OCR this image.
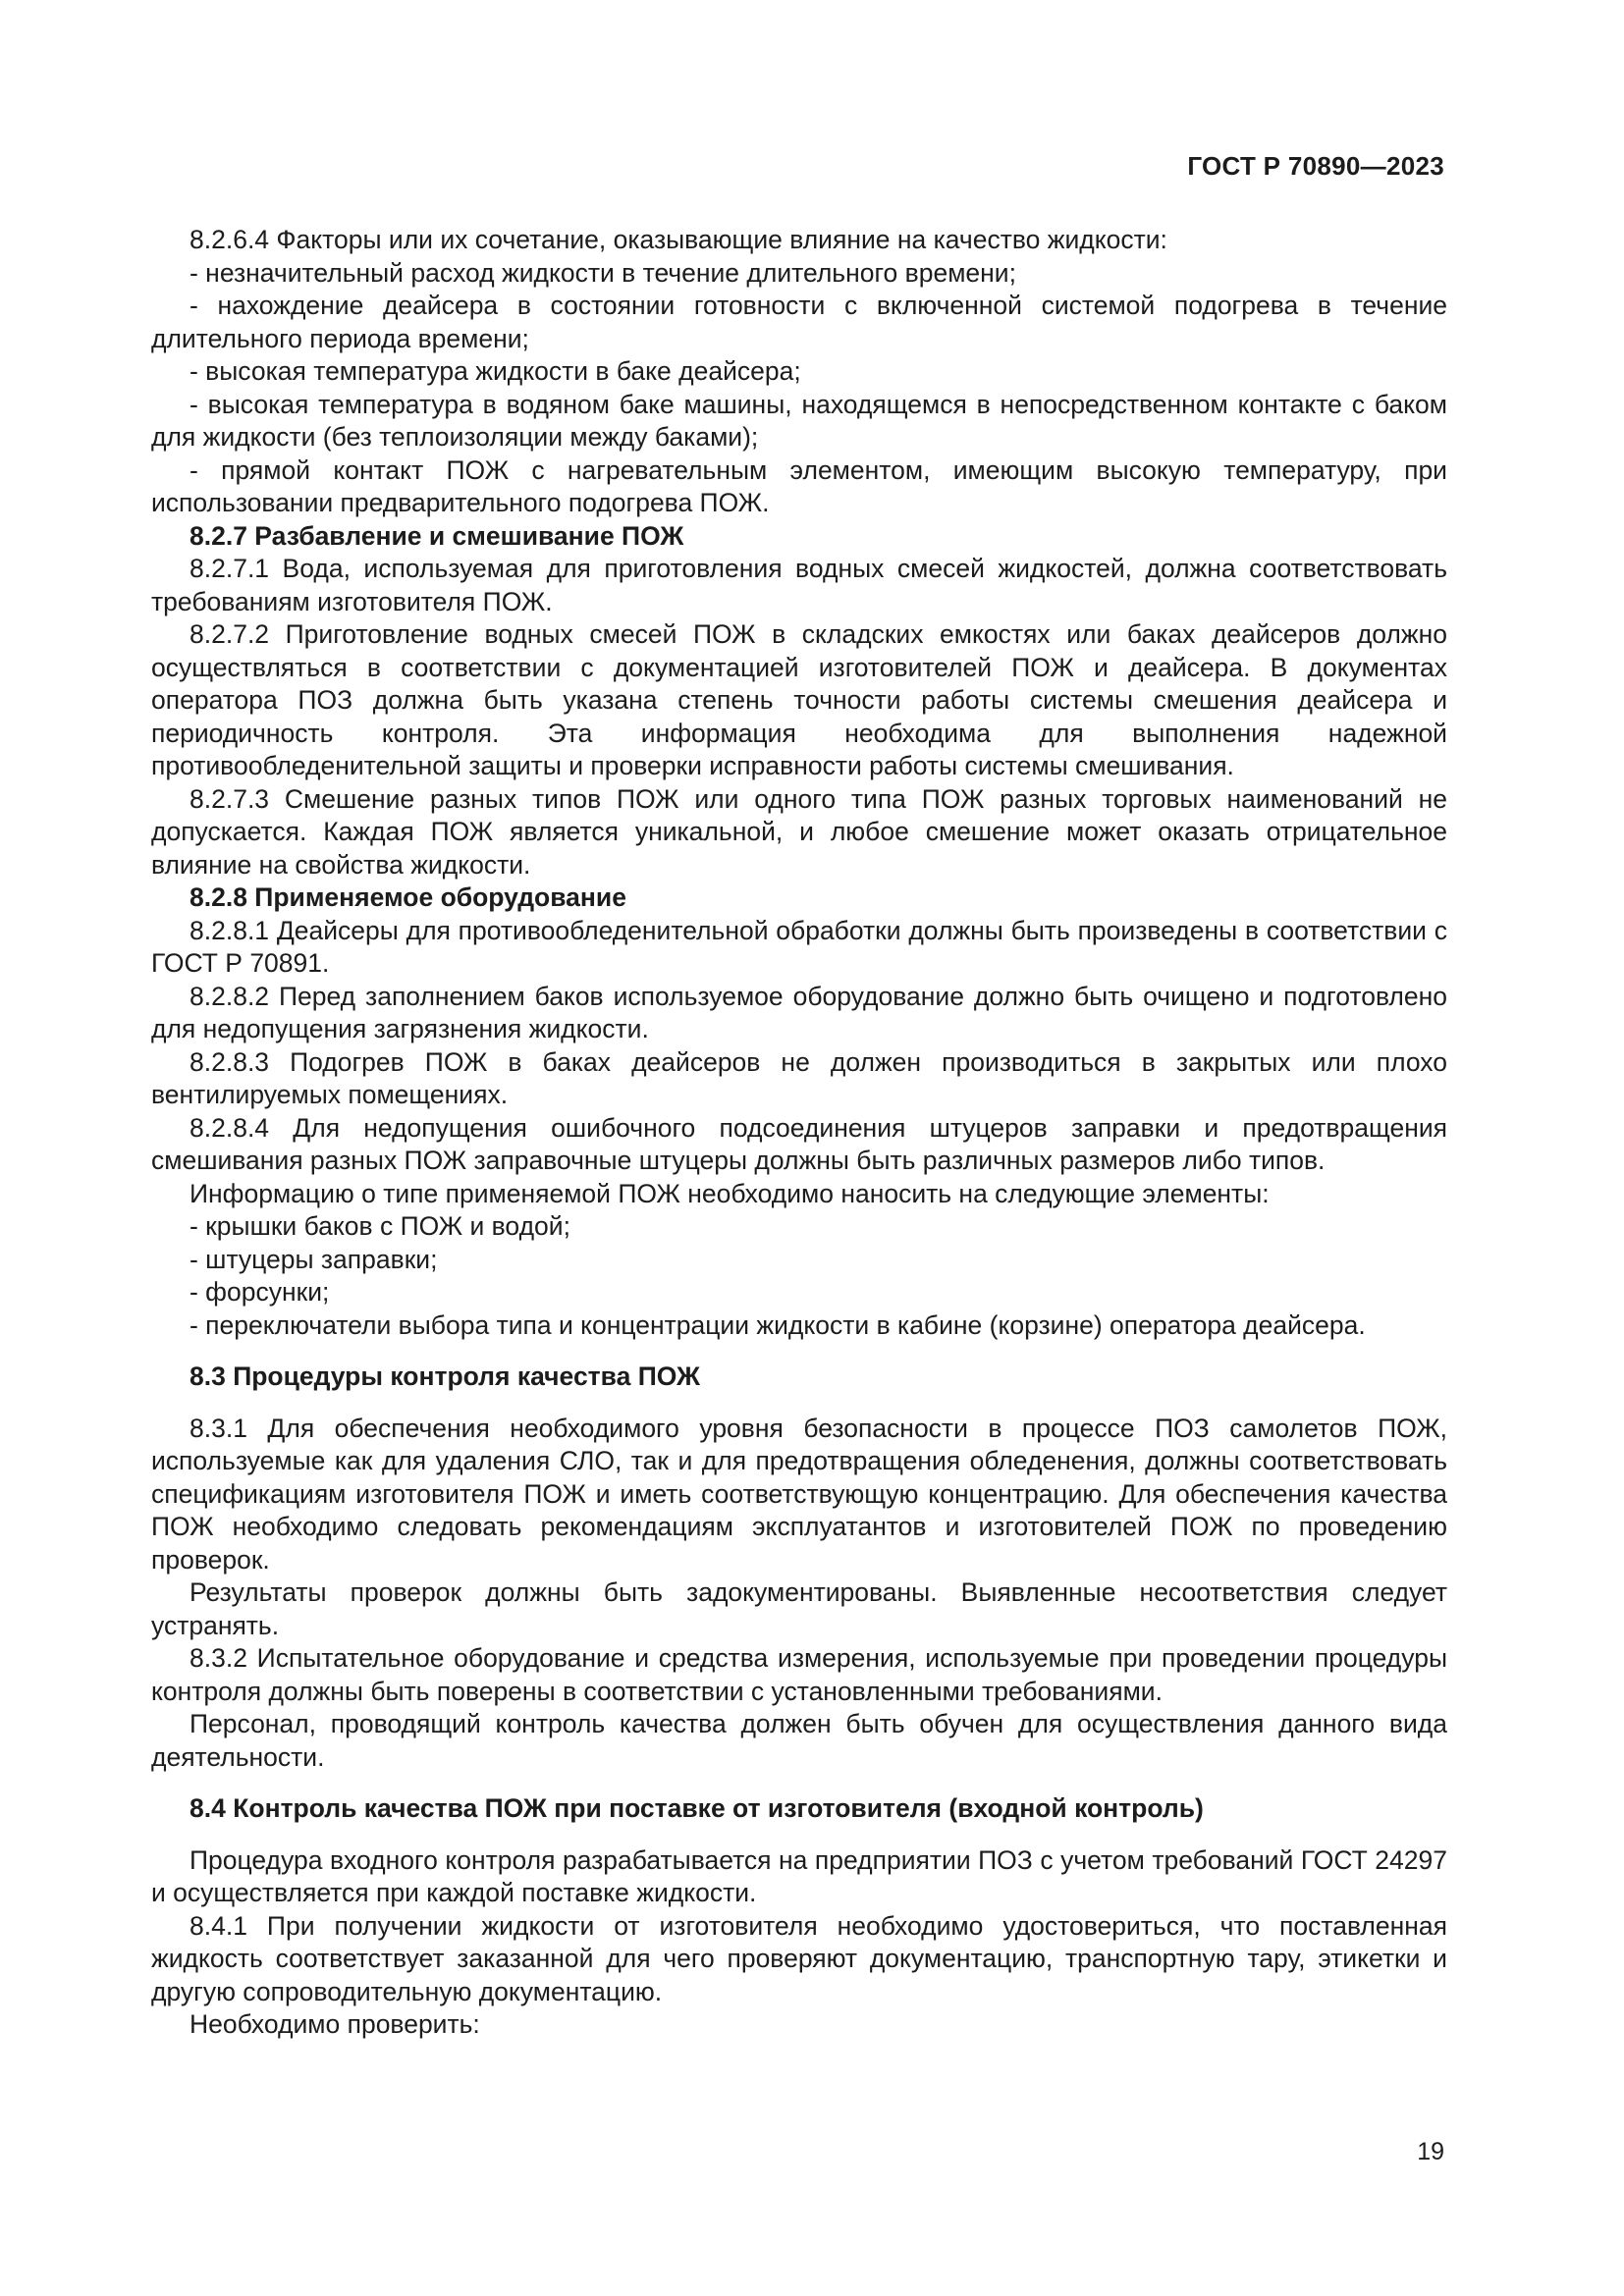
ГОСТ Р 70890—2023

8.2.6.4 Факторы или их сочетание, оказывающие влияние на качество жидкости:

- незначительный расход жидкости в течение длительного времени;

- нахождение деайсера в состоянии готовности с включенной системой подогрева в течение длительного периода времени;

- высокая температура жидкости в баке деайсера;

- высокая температура в водяном баке машины, находящемся в непосредственном контакте с баком для жидкости (без теплоизоляции между баками);

- прямой контакт ПОЖ с нагревательным элементом, имеющим высокую температуру, при использовании предварительного подогрева ПОЖ.

8.2.7 Разбавление и смешивание ПОЖ

8.2.7.1 Вода, используемая для приготовления водных смесей жидкостей, должна соответствовать требованиям изготовителя ПОЖ.

8.2.7.2 Приготовление водных смесей ПОЖ в складских емкостях или баках деайсеров должно осуществляться в соответствии с документацией изготовителей ПОЖ и деайсера. В документах оператора ПОЗ должна быть указана степень точности работы системы смешения деайсера и периодичность контроля. Эта информация необходима для выполнения надежной противообледенительной защиты и проверки исправности работы системы смешивания.

8.2.7.3 Смешение разных типов ПОЖ или одного типа ПОЖ разных торговых наименований не допускается. Каждая ПОЖ является уникальной, и любое смешение может оказать отрицательное влияние на свойства жидкости.

8.2.8 Применяемое оборудование

8.2.8.1 Деайсеры для противообледенительной обработки должны быть произведены в соответствии с ГОСТ Р 70891.

8.2.8.2 Перед заполнением баков используемое оборудование должно быть очищено и подготовлено для недопущения загрязнения жидкости.

8.2.8.3 Подогрев ПОЖ в баках деайсеров не должен производиться в закрытых или плохо вентилируемых помещениях.

8.2.8.4 Для недопущения ошибочного подсоединения штуцеров заправки и предотвращения смешивания разных ПОЖ заправочные штуцеры должны быть различных размеров либо типов.

Информацию о типе применяемой ПОЖ необходимо наносить на следующие элементы:

- крышки баков с ПОЖ и водой;

- штуцеры заправки;

- форсунки;

- переключатели выбора типа и концентрации жидкости в кабине (корзине) оператора деайсера.

8.3 Процедуры контроля качества ПОЖ

8.3.1 Для обеспечения необходимого уровня безопасности в процессе ПОЗ самолетов ПОЖ, используемые как для удаления СЛО, так и для предотвращения обледенения, должны соответствовать спецификациям изготовителя ПОЖ и иметь соответствующую концентрацию. Для обеспечения качества ПОЖ необходимо следовать рекомендациям эксплуатантов и изготовителей ПОЖ по проведению проверок.

Результаты проверок должны быть задокументированы. Выявленные несоответствия следует устранять.

8.3.2 Испытательное оборудование и средства измерения, используемые при проведении процедуры контроля должны быть поверены в соответствии с установленными требованиями.

Персонал, проводящий контроль качества должен быть обучен для осуществления данного вида деятельности.

8.4 Контроль качества ПОЖ при поставке от изготовителя (входной контроль)

Процедура входного контроля разрабатывается на предприятии ПОЗ с учетом требований ГОСТ 24297 и осуществляется при каждой поставке жидкости.

8.4.1 При получении жидкости от изготовителя необходимо удостовериться, что поставленная жидкость соответствует заказанной для чего проверяют документацию, транспортную тару, этикетки и другую сопроводительную документацию.

Необходимо проверить:

19
